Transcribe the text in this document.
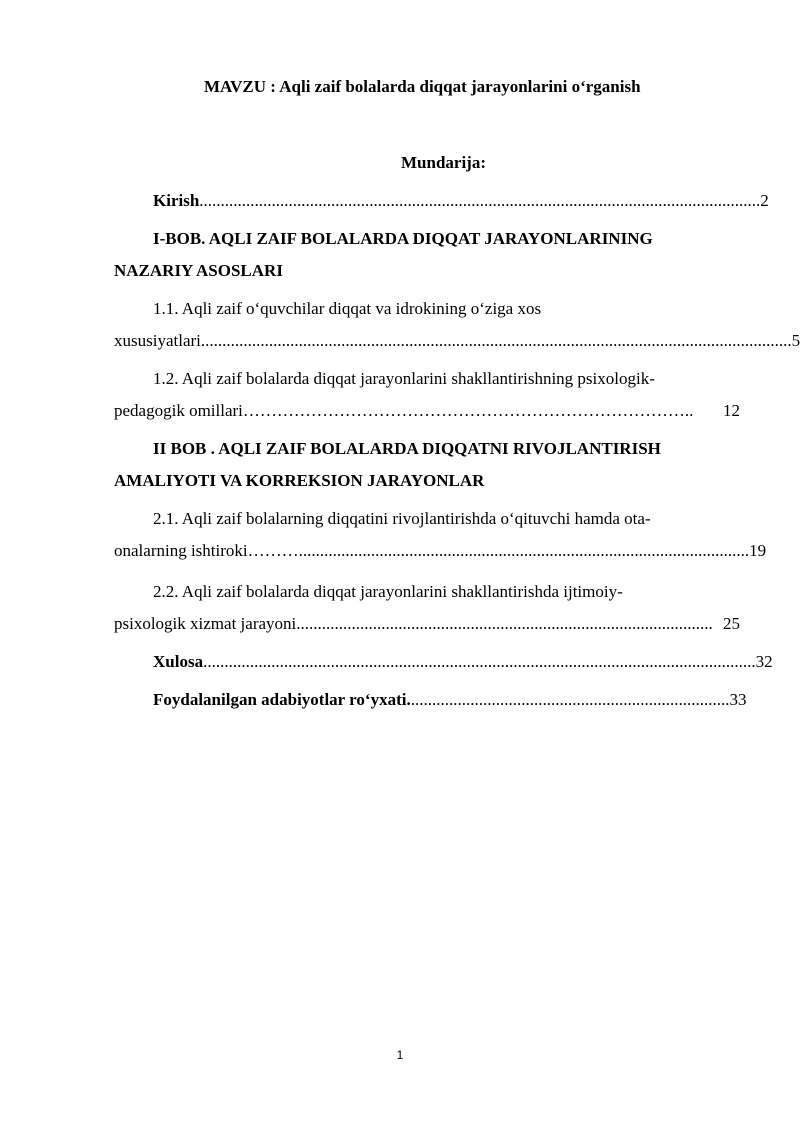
MAVZU : Aqli zaif bolalarda diqqat jarayonlarini o‘rganish
Mundarija:
Kirish .................................................................................................................................... 2
I-BOB. AQLI ZAIF BOLALARDA DIQQAT JARAYONLARINING
NAZARIY ASOSLARI
1.1. Aqli zaif o‘quvchilar diqqat va idrokining o‘ziga xos
xususiyatlari ........................................................................................................................................... 5
1.2. Aqli zaif bolalarda diqqat jarayonlarini shakllantirishning psixologik-
pedagogik omillari ……………………………………………………………………..	12
II BOB . AQLI ZAIF BOLALARDA DIQQATNI RIVOJLANTIRISH
AMALIYOTI VA KORREKSION JARAYONLAR
2.1. Aqli zaif bolalarning diqqatini rivojlantirishda o‘qituvchi hamda ota-
onalarning ishtiroki ……….......................................................................................................... 19
2.2. Aqli zaif bolalarda diqqat jarayonlarini shakllantirishda ijtimoiy-
psixologik xizmat jarayoni .................................................................................................. 25
Xulosa .................................................................................................................................. 32
Foydalanilgan adabiyotlar ro‘yxati. ........................................................................... 33
1
